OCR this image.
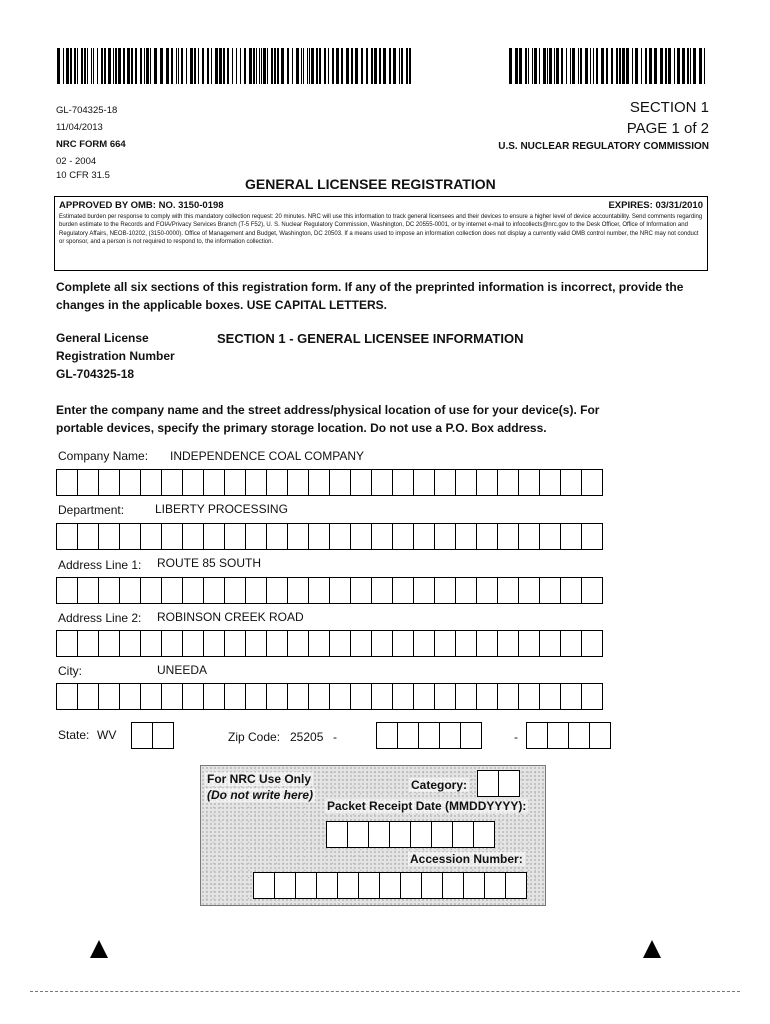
GL-704325-18
11/04/2013
NRC FORM 664
02 - 2004
10 CFR 31.5
SECTION 1
PAGE 1 of 2
U.S. NUCLEAR REGULATORY COMMISSION
GENERAL LICENSEE REGISTRATION
APPROVED BY OMB: NO. 3150-0198	EXPIRES: 03/31/2010
Estimated burden per response to comply with this mandatory collection request: 20 minutes. NRC will use this information to track general licensees and their devices to ensure a higher level of device accountability. Send comments regarding burden estimate to the Records and FOIA/Privacy Services Branch (T-5 F52), U. S. Nuclear Regulatory Commission, Washington, DC 20555-0001, or by internet e-mail to infocollects@nrc.gov to the Desk Officer, Office of Information and Regulatory Affairs, NEOB-10202, (3150-0000). Office of Management and Budget, Washington, DC 20503. If a means used to impose an information collection does not display a currently valid OMB control number, the NRC may not conduct or sponsor, and a person is not required to respond to, the information collection.
Complete all six sections of this registration form. If any of the preprinted information is incorrect, provide the
changes in the applicable boxes. USE CAPITAL LETTERS.
General License
Registration Number
GL-704325-18
SECTION 1 - GENERAL LICENSEE INFORMATION
Enter the company name and the street address/physical location of use for your device(s). For
portable devices, specify the primary storage location. Do not use a P.O. Box address.
Company Name: INDEPENDENCE COAL COMPANY
Department:	LIBERTY PROCESSING
Address Line 1: ROUTE 85 SOUTH
Address Line 2: ROBINSON CREEK ROAD
City:	UNEEDA
State: WV	Zip Code: 25205 -	-
For NRC Use Only
(Do not write here)
Category:
Packet Receipt Date (MMDDYYYY):
Accession Number:
